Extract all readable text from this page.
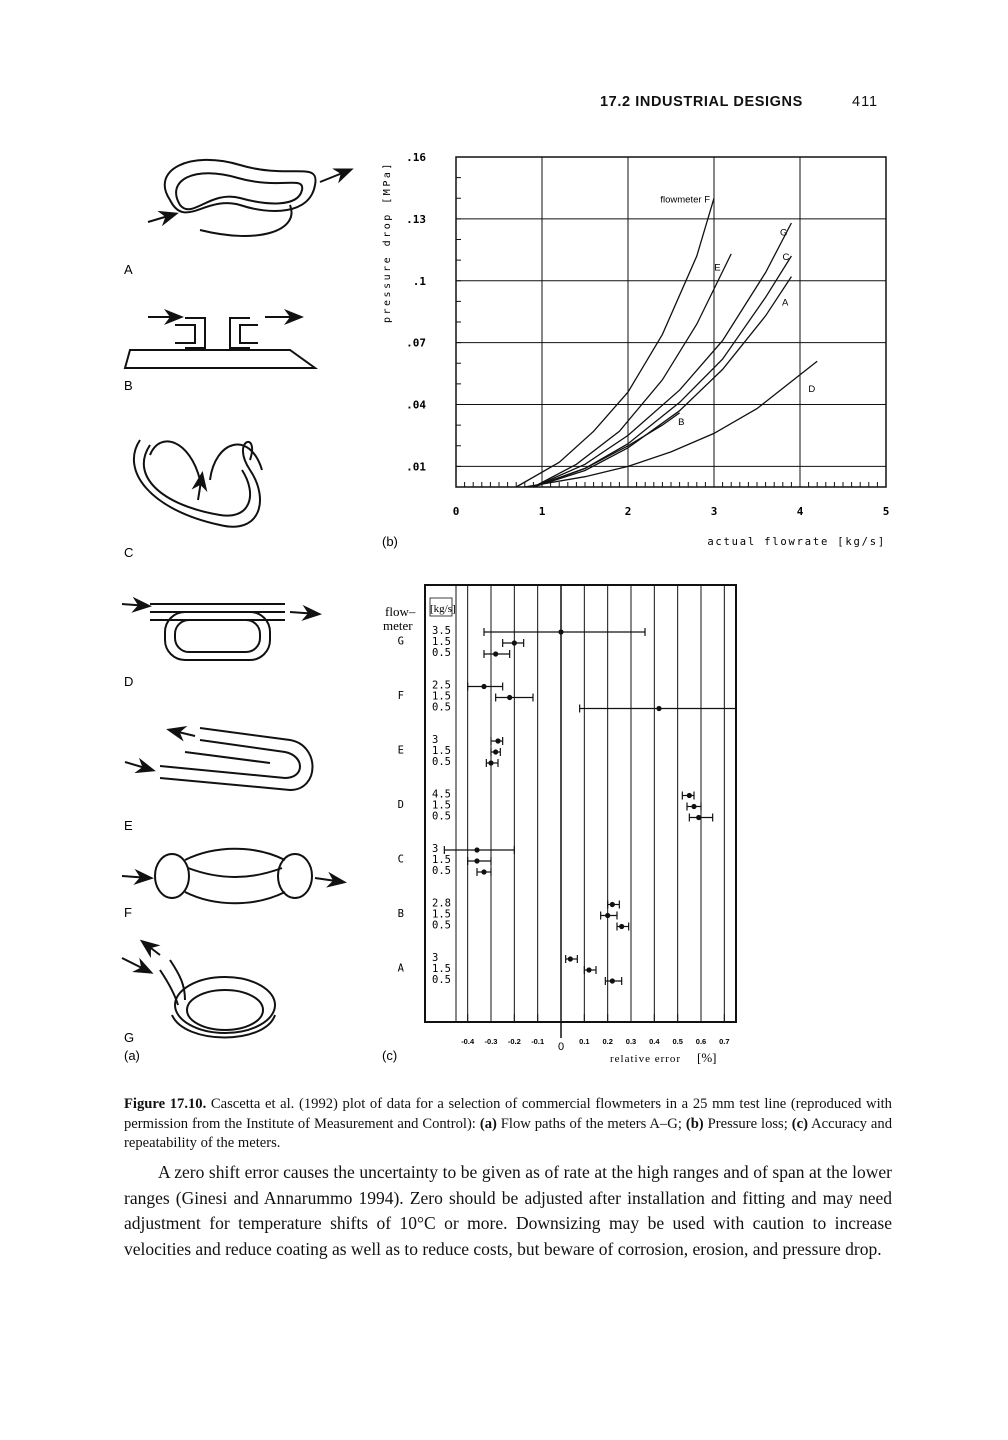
17.2 INDUSTRIAL DESIGNS	411
.16
.13
.1
.07
.04
.01
0	1	2	3	4	5
pressure drop [MPa]
actual flowrate [kg/s]
flowmeter F
E
G
C
A
D
B
(b)
3.5
1.5
0.5
2.5
1.5
0.5
3
1.5
0.5
4.5
1.5
0.5
3
1.5
0.5
2.8
1.5
0.5
3
1.5
0.5
G
F
E
D
C
B
A
-0.4 -0.3 -0.2 -0.1 0 0.1 0.2 0.3 0.4 0.5 0.6 0.7
flow–
meter
[kg/s]
relative error [%]
(c)
A
B
C
D
E
F
G
(a)
Figure 17.10. Cascetta et al. (1992) plot of data for a selection of commercial flowmeters in a 25 mm test line (reproduced with permission from the Institute of Measurement and Control): (a) Flow paths of the meters A–G; (b) Pressure loss; (c) Accuracy and repeatability of the meters.

A zero shift error causes the uncertainty to be given as of rate at the high ranges and of span at the lower ranges (Ginesi and Annarummo 1994). Zero should be adjusted after installation and fitting and may need adjustment for temperature shifts of 10°C or more. Downsizing may be used with caution to increase velocities and reduce coating as well as to reduce costs, but beware of corrosion, erosion, and pressure drop.
